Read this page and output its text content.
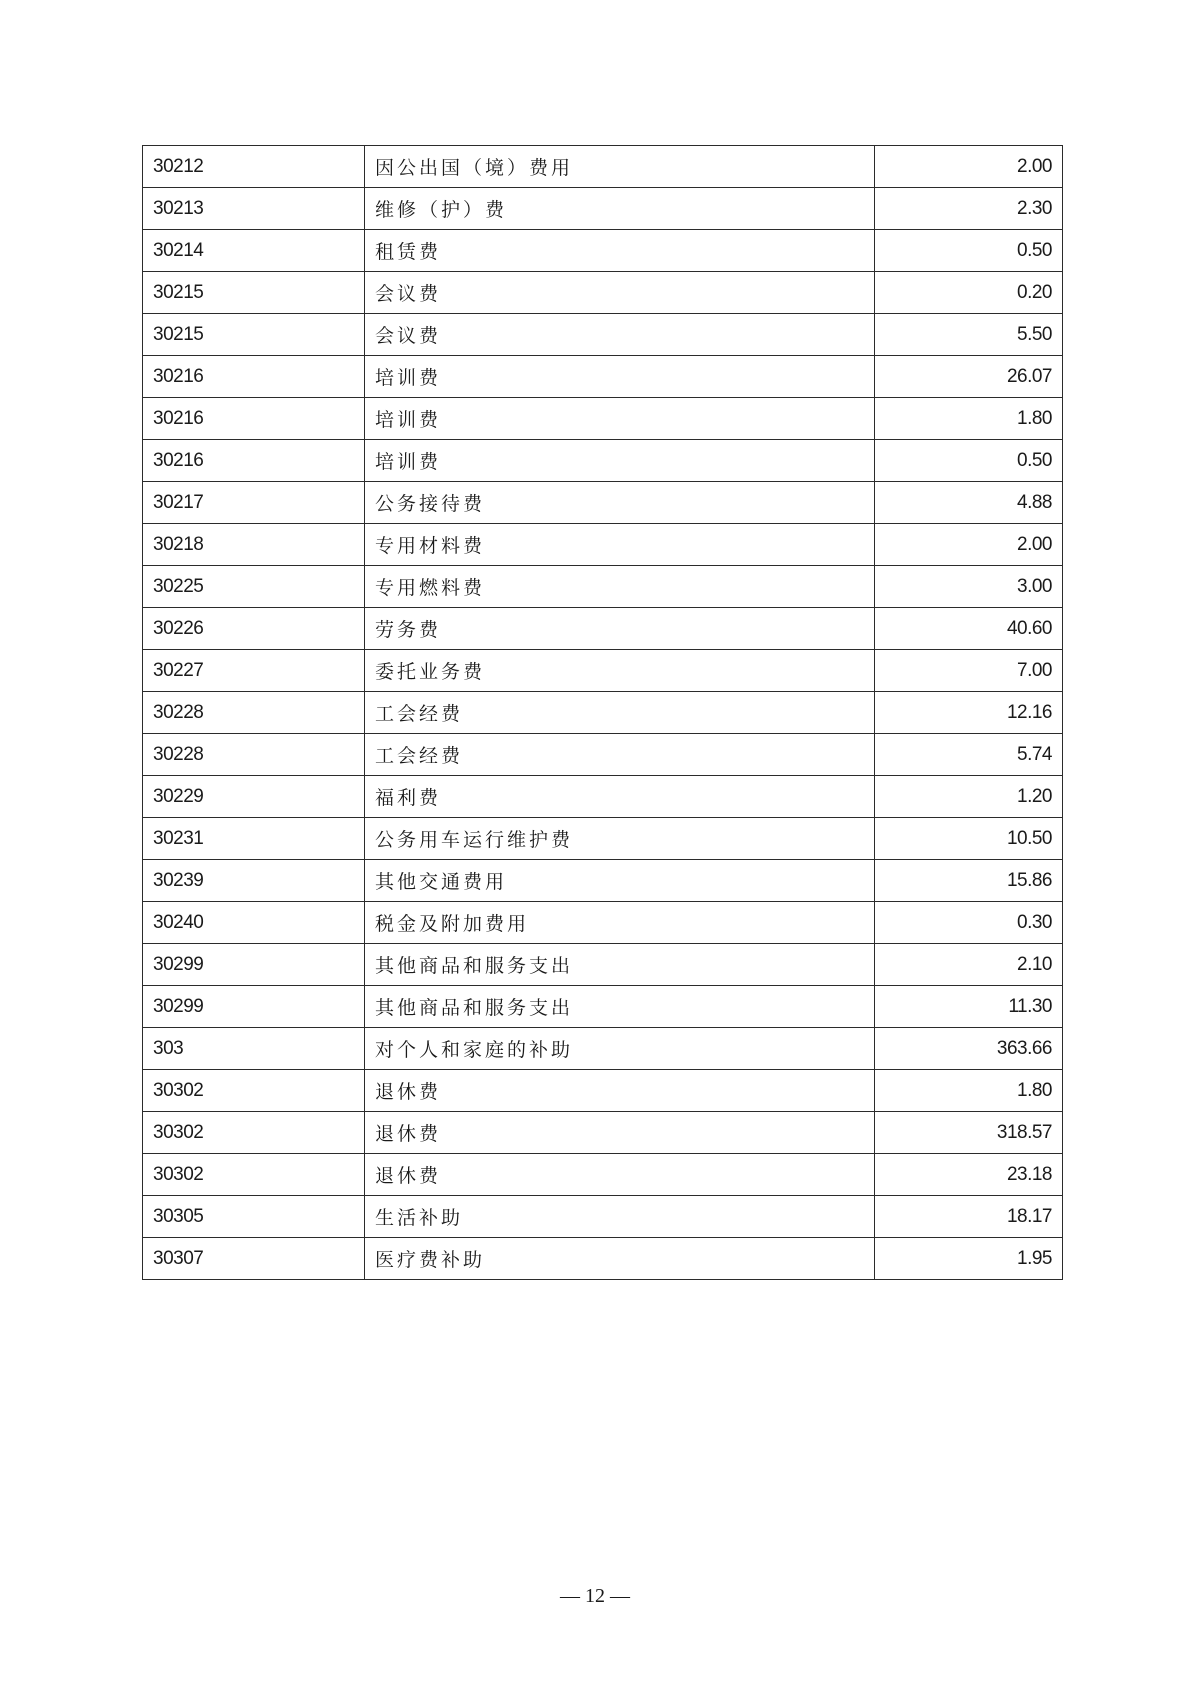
30212	因公出国（境）费用	2.00
30213	维修（护）费	2.30
30214	租赁费	0.50
30215	会议费	0.20
30215	会议费	5.50
30216	培训费	26.07
30216	培训费	1.80
30216	培训费	0.50
30217	公务接待费	4.88
30218	专用材料费	2.00
30225	专用燃料费	3.00
30226	劳务费	40.60
30227	委托业务费	7.00
30228	工会经费	12.16
30228	工会经费	5.74
30229	福利费	1.20
30231	公务用车运行维护费	10.50
30239	其他交通费用	15.86
30240	税金及附加费用	0.30
30299	其他商品和服务支出	2.10
30299	其他商品和服务支出	11.30
303	对个人和家庭的补助	363.66
30302	退休费	1.80
30302	退休费	318.57
30302	退休费	23.18
30305	生活补助	18.17
30307	医疗费补助	1.95
— 12 —
